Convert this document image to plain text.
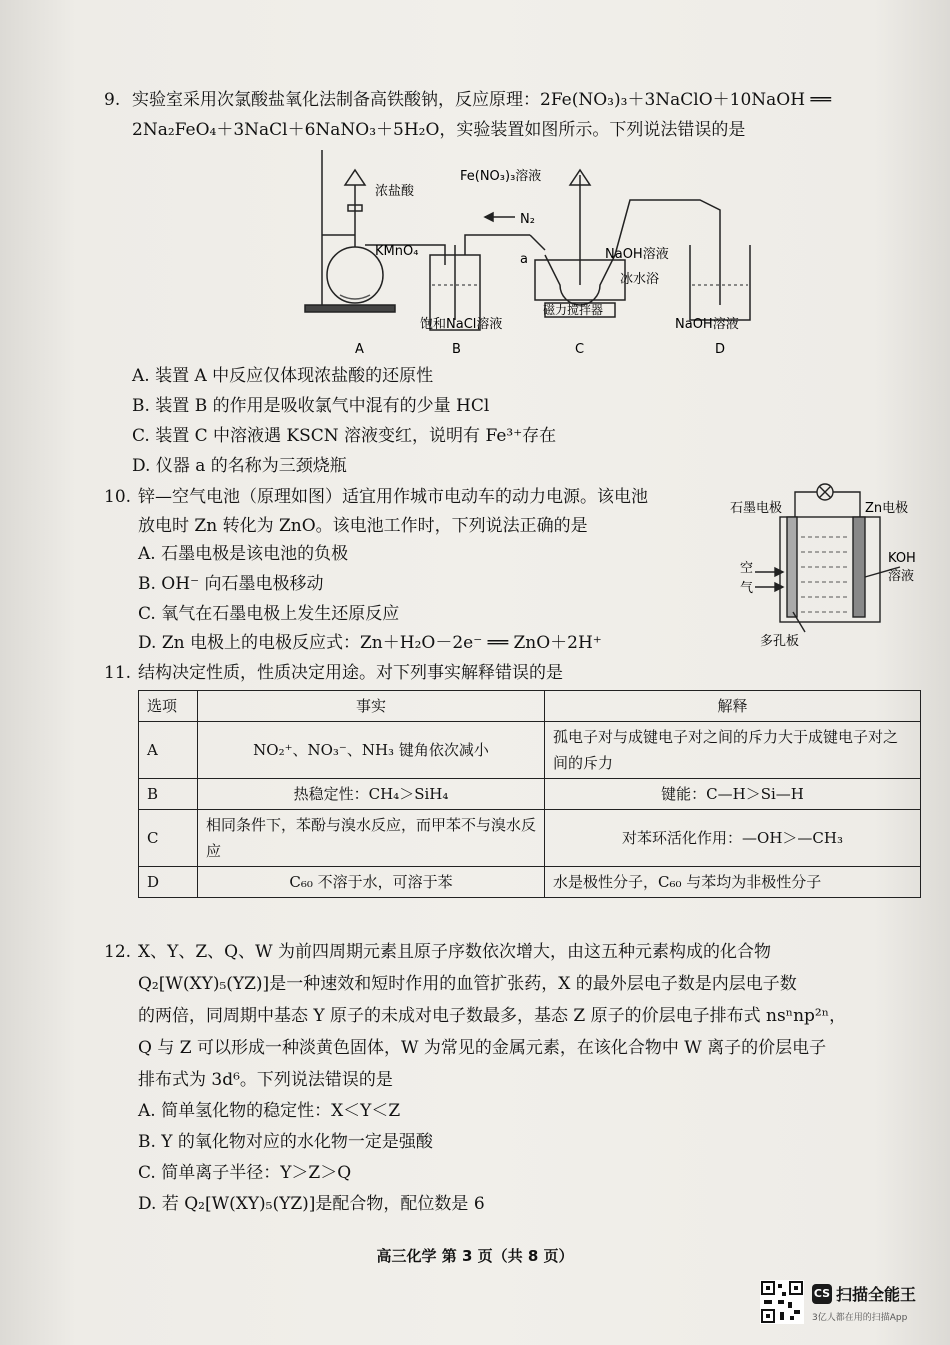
9. 实验室采用次氯酸盐氧化法制备高铁酸钠，反应原理：2Fe(NO₃)₃＋3NaClO＋10NaOH ══
2Na₂FeO₄＋3NaCl＋6NaNO₃＋5H₂O，实验装置如图所示。下列说法错误的是
浓盐酸
KMnO₄
Fe(NO₃)₃溶液
N₂
a	NaOH溶液
冰水浴
磁力搅拌器
饱和NaCl溶液	NaOH溶液
A	B	C	D
A. 装置 A 中反应仅体现浓盐酸的还原性
B. 装置 B 的作用是吸收氯气中混有的少量 HCl
C. 装置 C 中溶液遇 KSCN 溶液变红，说明有 Fe³⁺存在
D. 仪器 a 的名称为三颈烧瓶
10. 锌—空气电池（原理如图）适宜用作城市电动车的动力电源。该电池
放电时 Zn 转化为 ZnO。该电池工作时，下列说法正确的是
石墨电极	Zn电极
空
气
KOH
溶液
多孔板
A. 石墨电极是该电池的负极
B. OH⁻ 向石墨电极移动
C. 氧气在石墨电极上发生还原反应
D. Zn 电极上的电极反应式：Zn＋H₂O－2e⁻ ══ ZnO＋2H⁺
11. 结构决定性质，性质决定用途。对下列事实解释错误的是
选项	事实	解释
A	NO₂⁺、NO₃⁻、NH₃ 键角依次减小	孤电子对与成键电子对之间的斥力大于成键电子对之间的斥力
B	热稳定性：CH₄＞SiH₄	键能：C—H＞Si—H
C	相同条件下，苯酚与溴水反应，而甲苯不与溴水反应	对苯环活化作用：—OH＞—CH₃
D	C₆₀ 不溶于水，可溶于苯	水是极性分子，C₆₀ 与苯均为非极性分子
12. X、Y、Z、Q、W 为前四周期元素且原子序数依次增大，由这五种元素构成的化合物
Q₂[W(XY)₅(YZ)]是一种速效和短时作用的血管扩张药，X 的最外层电子数是内层电子数
的两倍，同周期中基态 Y 原子的未成对电子数最多，基态 Z 原子的价层电子排布式 nsⁿnp²ⁿ，
Q 与 Z 可以形成一种淡黄色固体，W 为常见的金属元素，在该化合物中 W 离子的价层电子
排布式为 3d⁶。下列说法错误的是
A. 简单氢化物的稳定性：X＜Y＜Z
B. Y 的氧化物对应的水化物一定是强酸
C. 简单离子半径：Y＞Z＞Q
D. 若 Q₂[W(XY)₅(YZ)]是配合物，配位数是 6
高三化学 第 3 页（共 8 页）
CS 扫描全能王
3亿人都在用的扫描App
